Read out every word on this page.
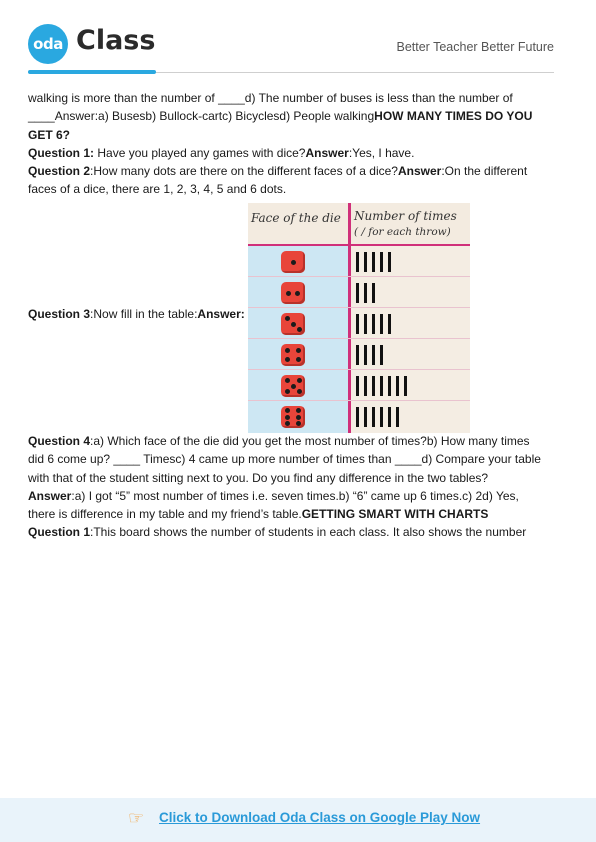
oda Class	Better Teacher Better Future

walking is more than the number of ____d) The number of buses is less than the number of

____Answer:a) Busesb) Bullock-cartc) Bicyclesd) People walkingHOW MANY TIMES DO YOU

GET 6?

Question 1: Have you played any games with dice?Answer:Yes, I have.

Question 2:How many dots are there on the different faces of a dice?Answer:On the different

faces of a dice, there are 1, 2, 3, 4, 5 and 6 dots.

Question 3:Now fill in the table:Answer:
Face of the die Number of times
( / for each throw)

Question 4:a) Which face of the die did you get the most number of times?b) How many times

did 6 come up? ____ Timesc) 4 came up more number of times than ____d) Compare your table

with that of the student sitting next to you. Do you find any difference in the two tables?

Answer:a) I got “5” most number of times i.e. seven times.b) “6” came up 6 times.c) 2d) Yes,

there is difference in my table and my friend’s table.GETTING SMART WITH CHARTS

Question 1:This board shows the number of students in each class. It also shows the number

☞ Click to Download Oda Class on Google Play Now
